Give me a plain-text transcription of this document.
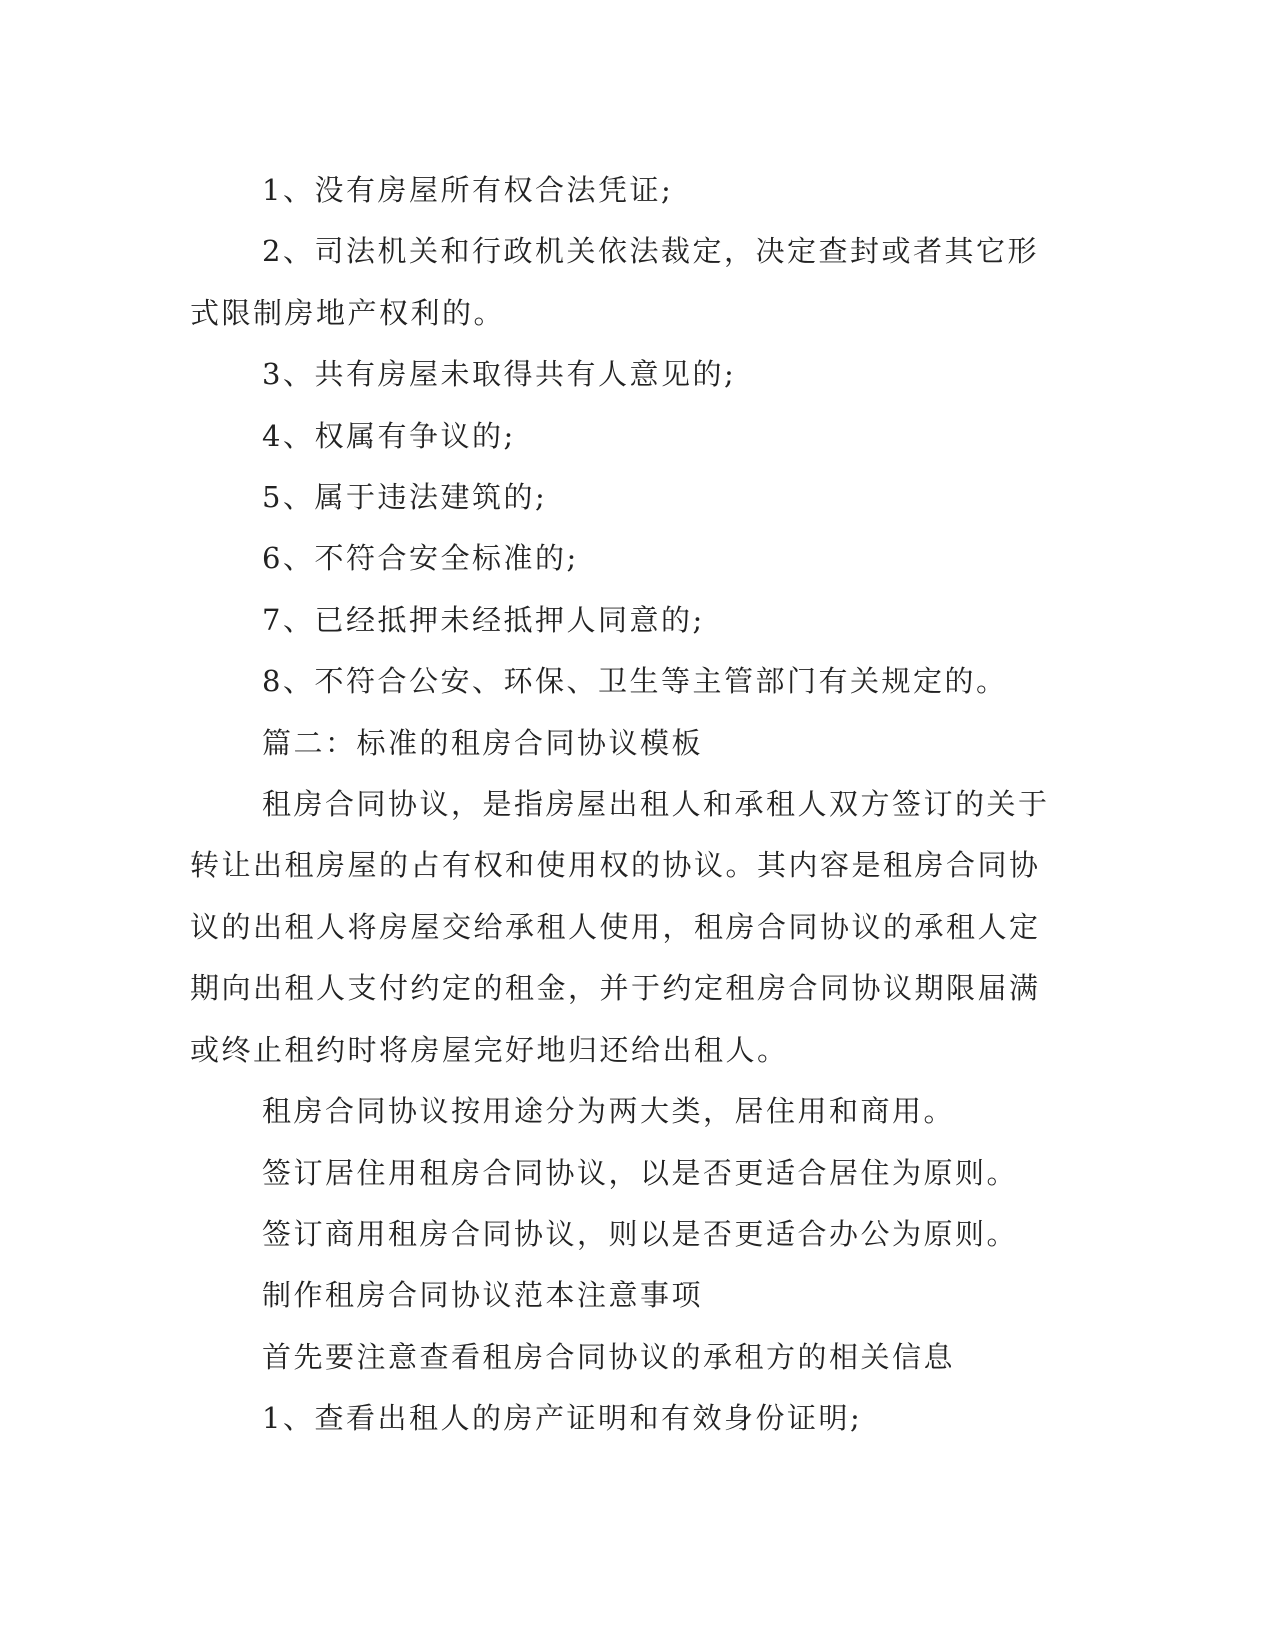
1、没有房屋所有权合法凭证;

2、司法机关和行政机关依法裁定，决定查封或者其它形式限制房地产权利的。

3、共有房屋未取得共有人意见的;

4、权属有争议的;

5、属于违法建筑的;

6、不符合安全标准的;

7、已经抵押未经抵押人同意的;

8、不符合公安、环保、卫生等主管部门有关规定的。

篇二：标准的租房合同协议模板

租房合同协议，是指房屋出租人和承租人双方签订的关于转让出租房屋的占有权和使用权的协议。其内容是租房合同协议的出租人将房屋交给承租人使用，租房合同协议的承租人定期向出租人支付约定的租金，并于约定租房合同协议期限届满或终止租约时将房屋完好地归还给出租人。

租房合同协议按用途分为两大类，居住用和商用。

签订居住用租房合同协议，以是否更适合居住为原则。

签订商用租房合同协议，则以是否更适合办公为原则。

制作租房合同协议范本注意事项

首先要注意查看租房合同协议的承租方的相关信息

1、查看出租人的房产证明和有效身份证明;
